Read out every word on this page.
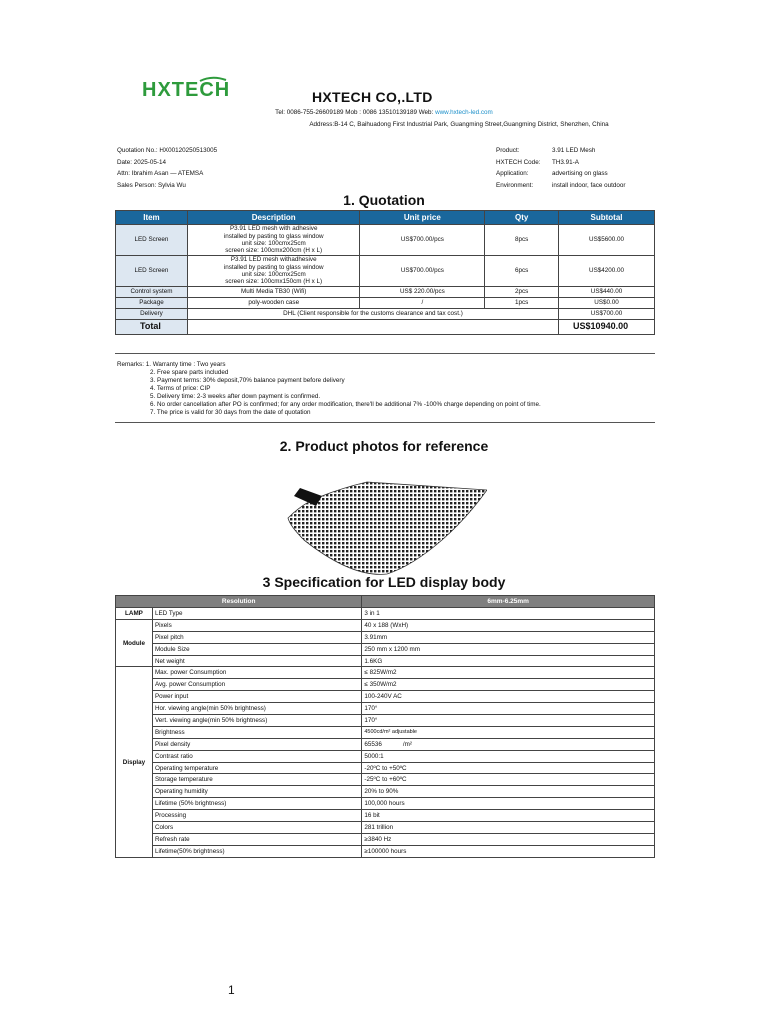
HXTECH	HXTECH CO,.LTD
Tel: 0086-755-26609189 Mob : 0086 13510139189 Web: www.hxtech-led.com
Address:B-14 C, Baihuadong First Industrial Park, Guangming Street,Guangming District, Shenzhen, China
Quotation No.: HX00120250513005
Date: 2025-05-14
Attn: Ibrahim Asan — ATEMSA
Sales Person: Sylvia Wu
Product:	3.91 LED Mesh
HXTECH Code: TH3.91-A
Application:	advertising on glass
Environment:	install indoor, face outdoor
1. Quotation
Item	Description	Unit price	Qty	Subtotal
LED Screen	P3.91 LED mesh with adhesive
installed by pasting to glass window
unit size: 100cmx25cm
screen size: 100cmx200cm (H x L)	US$700.00/pcs	8pcs	US$5600.00
LED Screen	P3.91 LED mesh withadhesive
installed by pasting to glass window
unit size: 100cmx25cm
screen size: 100cmx150cm (H x L)	US$700.00/pcs	6pcs	US$4200.00
Control system	Multi Media TB30 (Wifi)	US$ 220.00/pcs	2pcs	US$440.00
Package	poly-wooden case	/	1pcs	US$0.00
Delivery	DHL (Client responsible for the customs clearance and tax cost.)			US$700.00
Total				US$10940.00
Remarks: 1. Warranty time : Two years
2. Free spare parts included
3. Payment terms: 30% deposit,70% balance payment before delivery
4. Terms of price: CIP
5. Delivery time: 2-3 weeks after down payment is confirmed.
6. No order cancellation after PO is confirmed; for any order modification, there'll be additional 7% -100% charge depending on point of time.
7. The price is valid for 30 days from the date of quotation
2. Product photos for reference
3 Specification for LED display body
Resolution		6mm-6.25mm
LAMP	LED Type	3 in 1
Module	Pixels	40 x 188 (WxH)
	Pixel pitch	3.91mm
	Module Size	250 mm x 1200 mm
	Net weight	1.6KG
Display	Max. power Consumption	≤ 825W/m2
	Avg. power Consumption	≤ 350W/m2
	Power input	100-240V AC
	Hor. viewing angle(min 50% brightness)	170°
	Vert. viewing angle(min 50% brightness)	170°
	Brightness	4500cd/m² adjustable
	Pixel density	65536            /m²
	Contrast ratio	5000:1
	Operating temperature	-20ºC to +50ºC
	Storage temperature	-25ºC to +60ºC
	Operating humidity	20% to 90%
	Lifetime (50% brightness)	100,000 hours
	Processing	16 bit
	Colors	281 trillion
	Refresh rate	≥3840 Hz
	Lifetime(50% brightness)	≥100000 hours
1
